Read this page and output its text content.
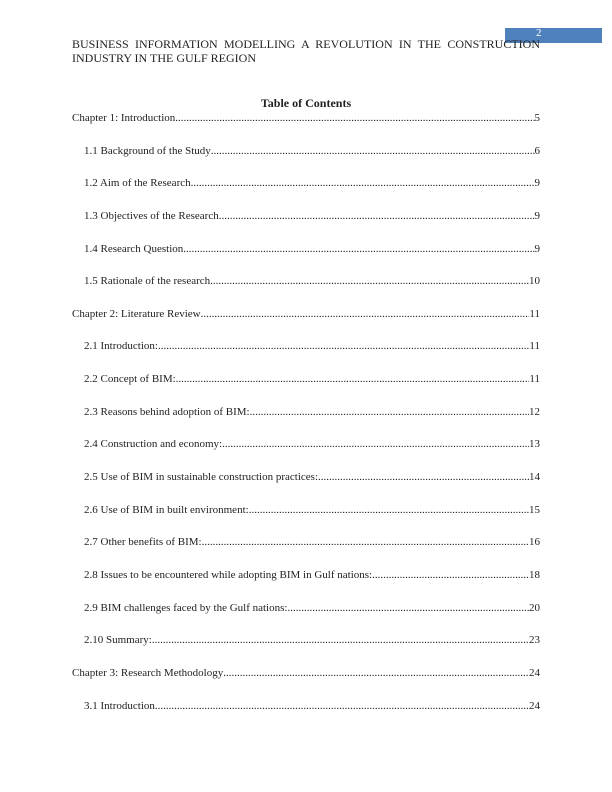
2
BUSINESS INFORMATION MODELLING A REVOLUTION IN THE CONSTRUCTION INDUSTRY IN THE GULF REGION
Table of Contents
Chapter 1: Introduction .....	5
1.1 Background of the Study .....	6
1.2 Aim of the Research .....	9
1.3 Objectives of the Research .....	9
1.4 Research Question .....	9
1.5 Rationale of the research .....	10
Chapter 2: Literature Review .....	11
2.1 Introduction: .....	11
2.2 Concept of BIM: .....	11
2.3 Reasons behind adoption of BIM: .....	12
2.4 Construction and economy: .....	13
2.5 Use of BIM in sustainable construction practices: .....	14
2.6 Use of BIM in built environment: .....	15
2.7 Other benefits of BIM: .....	16
2.8 Issues to be encountered while adopting BIM in Gulf nations: .....	18
2.9 BIM challenges faced by the Gulf nations: .....	20
2.10 Summary: .....	23
Chapter 3: Research Methodology .....	24
3.1 Introduction .....	24
